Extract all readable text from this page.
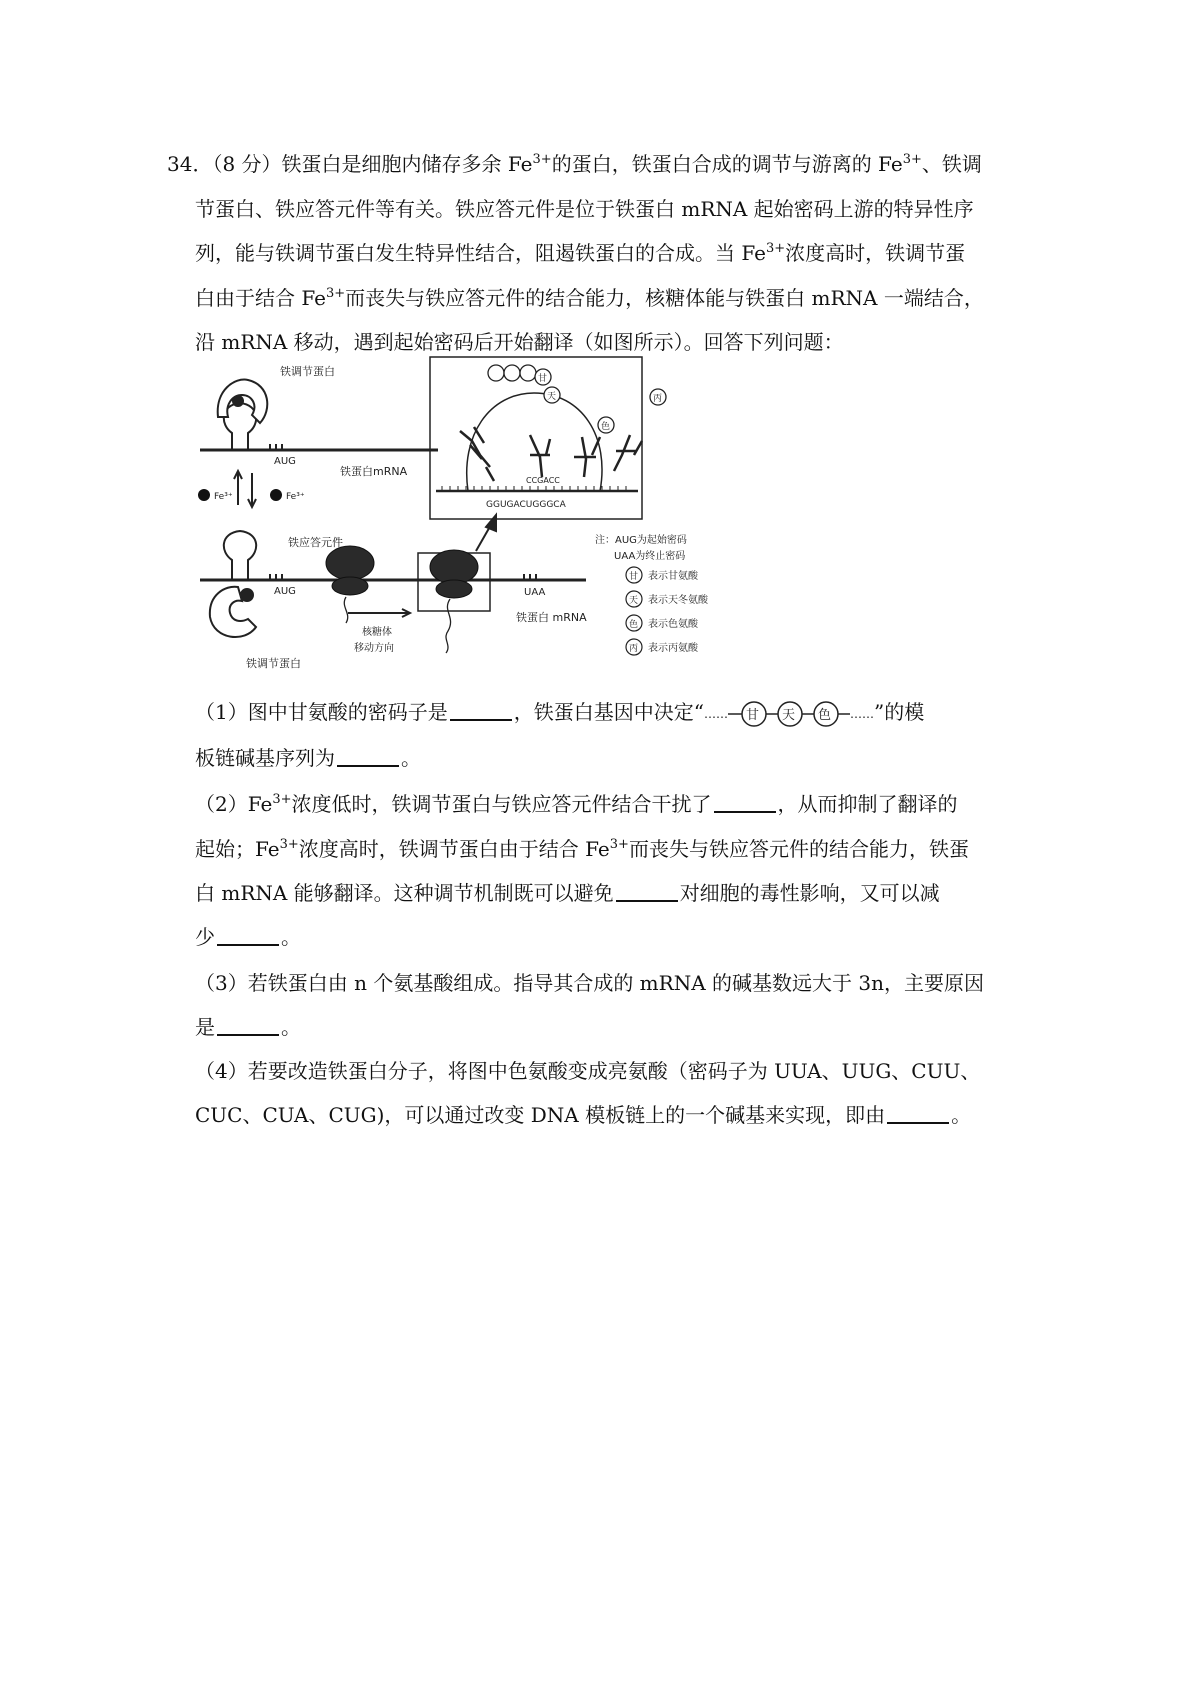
34．（8 分）铁蛋白是细胞内储存多余 $Fe^{3+}$的蛋白，铁蛋白合成的调节与游离的 $Fe^{3+}$、铁调
节蛋白、铁应答元件等有关。铁应答元件是位于铁蛋白 mRNA 起始密码上游的特异性序
列，能与铁调节蛋白发生特异性结合，阻遏铁蛋白的合成。当 $Fe^{3+}$浓度高时，铁调节蛋
白由于结合 $Fe^{3+}$而丧失与铁应答元件的结合能力，核糖体能与铁蛋白 mRNA 一端结合，
沿 mRNA 移动，遇到起始密码后开始翻译（如图所示）。回答下列问题：
铁调节蛋白
AUG
铁蛋白mRNA
Fe³⁺	Fe³⁺
铁应答元件
AUG	UAA
铁蛋白 mRNA
核糖体
移动方向
铁调节蛋白
CCGACC
GGUGACUGGGCA
甘
天
色
丙
注：AUG为起始密码
UAA为终止密码
甘 表示甘氨酸
天 表示天冬氨酸
色 表示色氨酸
丙 表示丙氨酸
（1）图中甘氨酸的密码子是	，铁蛋白基因中决定“ …… 甘 天 色 …… ”的模
板链碱基序列为	。
$(2)Fe^{3+}$浓度低时，铁调节蛋白与铁应答元件结合干扰了	，从而抑制了翻译的
起始；$Fe^{3+}$浓度高时，铁调节蛋白由于结合 $Fe^{3+}$而丧失与铁应答元件的结合能力，铁蛋
白 mRNA 能够翻译。这种调节机制既可以避免	对细胞的毒性影响，又可以减
少	。
（3）若铁蛋白由 n 个氨基酸组成。指导其合成的 mRNA 的碱基数远大于 3n，主要原因
是	。
（4）若要改造铁蛋白分子，将图中色氨酸变成亮氨酸（密码子为 UUA、UUG、CUU、
CUC、CUA、CUG)，可以通过改变 DNA 模板链上的一个碱基来实现，即由	。
